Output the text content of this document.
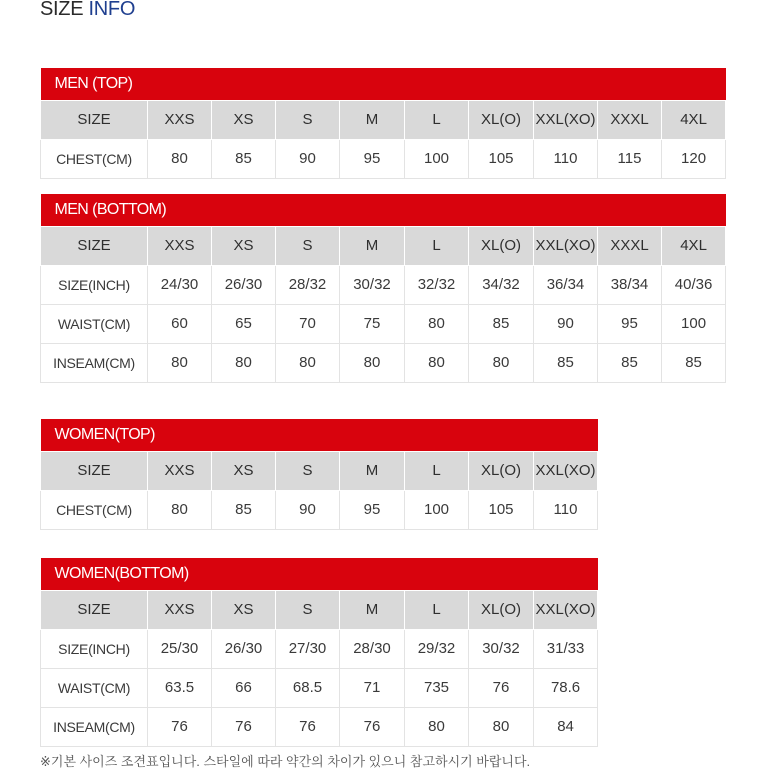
SIZE INFO
MEN (TOP)									
SIZE	XXS	XS	S	M	L	XL(O)	XXL(XO)	XXXL	4XL
CHEST(CM)	80	85	90	95	100	105	110	115	120
MEN (BOTTOM)									
SIZE	XXS	XS	S	M	L	XL(O)	XXL(XO)	XXXL	4XL
SIZE(INCH)	24/30	26/30	28/32	30/32	32/32	34/32	36/34	38/34	40/36
WAIST(CM)	60	65	70	75	80	85	90	95	100
INSEAM(CM)	80	80	80	80	80	80	85	85	85
WOMEN(TOP)							
SIZE	XXS	XS	S	M	L	XL(O)	XXL(XO)
CHEST(CM)	80	85	90	95	100	105	110
WOMEN(BOTTOM)							
SIZE	XXS	XS	S	M	L	XL(O)	XXL(XO)
SIZE(INCH)	25/30	26/30	27/30	28/30	29/32	30/32	31/33
WAIST(CM)	63.5	66	68.5	71	735	76	78.6
INSEAM(CM)	76	76	76	76	80	80	84
※기본 사이즈 조견표입니다. 스타일에 따라 약간의 차이가 있으니 참고하시기 바랍니다.
